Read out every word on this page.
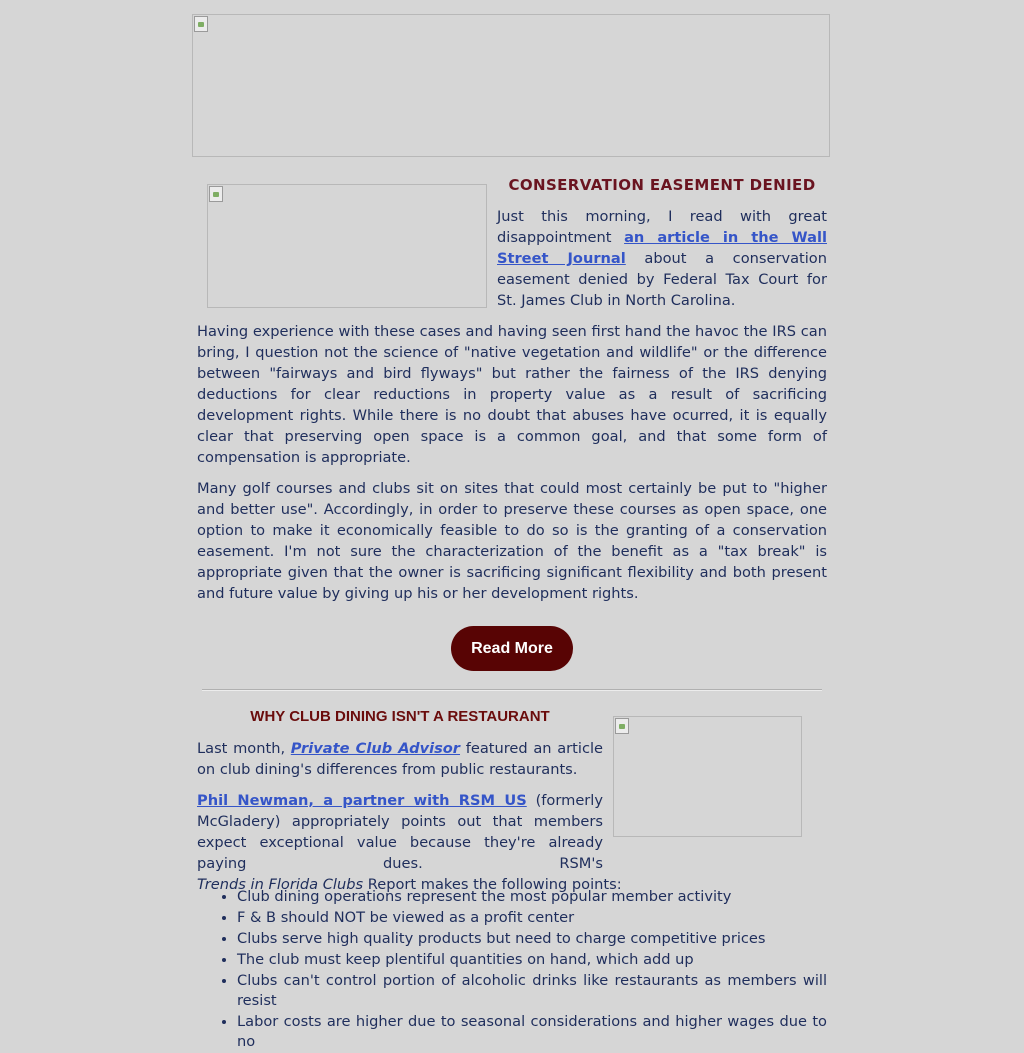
CONSERVATION EASEMENT DENIED

Just this morning, I read with great disappointment an article in the Wall Street Journal about a conservation easement denied by Federal Tax Court for St. James Club in North Carolina.

Having experience with these cases and having seen first hand the havoc the IRS can bring, I question not the science of "native vegetation and wildlife" or the difference between "fairways and bird flyways" but rather the fairness of the IRS denying deductions for clear reductions in property value as a result of sacrificing development rights. While there is no doubt that abuses have ocurred, it is equally clear that preserving open space is a common goal, and that some form of compensation is appropriate.

Many golf courses and clubs sit on sites that could most certainly be put to "higher and better use". Accordingly, in order to preserve these courses as open space, one option to make it economically feasible to do so is the granting of a conservation easement. I'm not sure the characterization of the benefit as a "tax break" is appropriate given that the owner is sacrificing significant flexibility and both present and future value by giving up his or her development rights.

Read More
WHY CLUB DINING ISN'T A RESTAURANT

Last month, Private Club Advisor featured an article on club dining's differences from public restaurants.

Phil Newman, a partner with RSM US (formerly McGladery) appropriately points out that members expect exceptional value because they're already paying dues. RSM's Trends in Florida Clubs Report makes the following points:

• Club dining operations represent the most popular member activity
• F & B should NOT be viewed as a profit center
• Clubs serve high quality products but need to charge competitive prices
• The club must keep plentiful quantities on hand, which add up
• Clubs can't control portion of alcoholic drinks like restaurants as members will resist
• Labor costs are higher due to seasonal considerations and higher wages due to no
